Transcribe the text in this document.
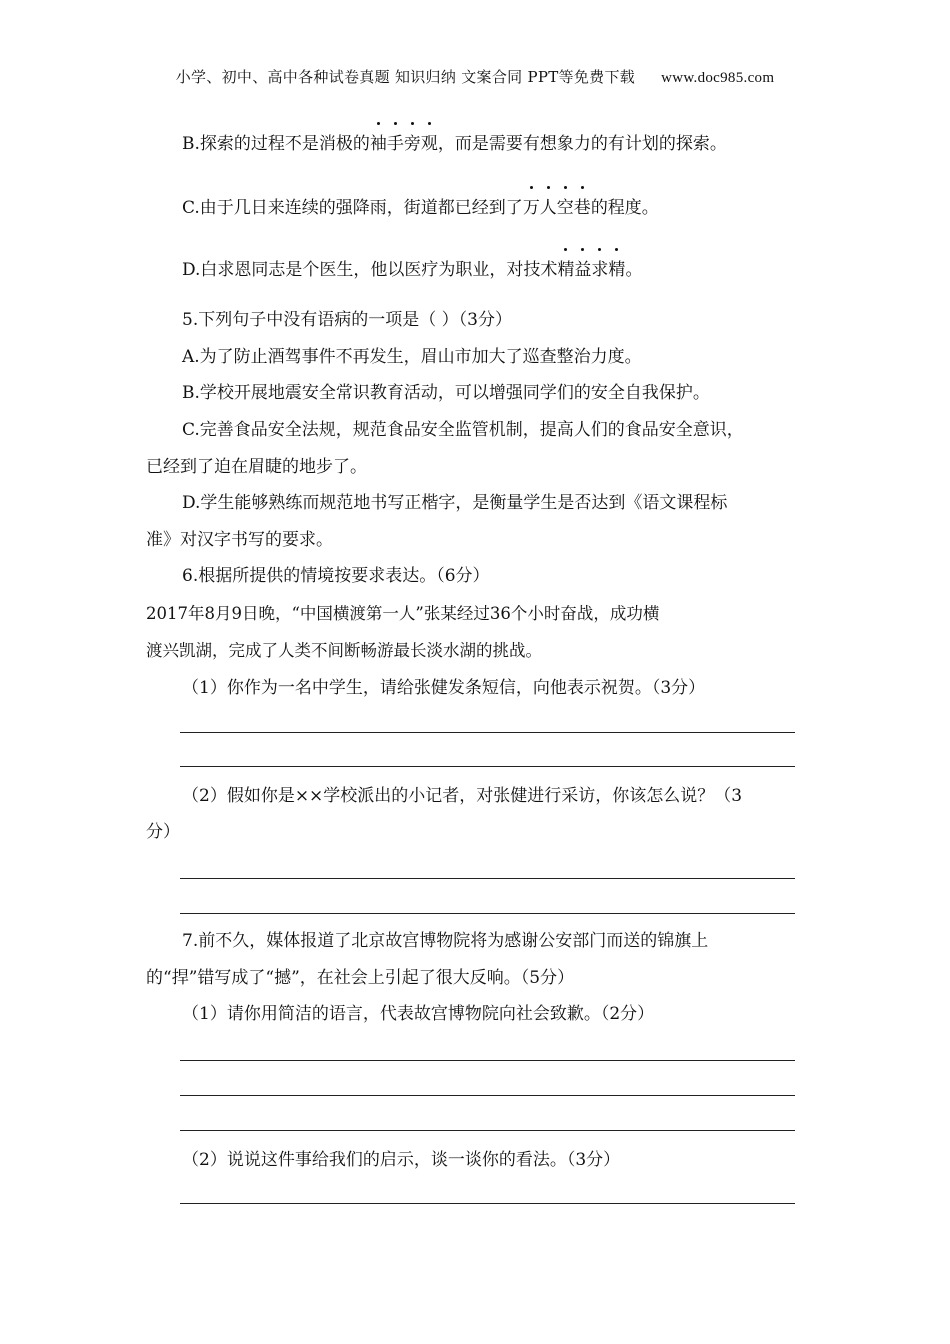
小学、初中、高中各种试卷真题 知识归纳 文案合同 PPT等免费下载 www.doc985.com
B.探索的过程不是消极的
袖手旁观，而是需要有想象力的有计划的探索。
C.由于几日来连续的强降雨，街道都已经到了
万人空巷的程度。
D.白求恩同志是个医生，他以医疗为职业，对技术
精益求精。
5.下列句子中没有语病的一项是（ ）（3分）
A.为了防止酒驾事件不再发生，眉山市加大了巡查整治力度。
B.学校开展地震安全常识教育活动，可以增强同学们的安全自我保护。
C.完善食品安全法规，规范食品安全监管机制，提高人们的食品安全意识，
已经到了迫在眉睫的地步了。
D.学生能够熟练而规范地书写正楷字，是衡量学生是否达到《语文课程标
准》对汉字书写的要求。
6.根据所提供的情境按要求表达。（6分）
2017年8月9日晚，“中国横渡第一人”张某经过36个小时奋战，成功横
渡兴凯湖，完成了人类不间断畅游最长淡水湖的挑战。
（1）你作为一名中学生，请给张健发条短信，向他表示祝贺。（3分）
（2）假如你是××学校派出的小记者，对张健进行采访，你该怎么说？（3
分）
7.前不久，媒体报道了北京故宫博物院将为感谢公安部门而送的锦旗上
的“捍”错写成了“撼”，在社会上引起了很大反响。（5分）
（1）请你用简洁的语言，代表故宫博物院向社会致歉。（2分）
（2）说说这件事给我们的启示，谈一谈你的看法。（3分）
